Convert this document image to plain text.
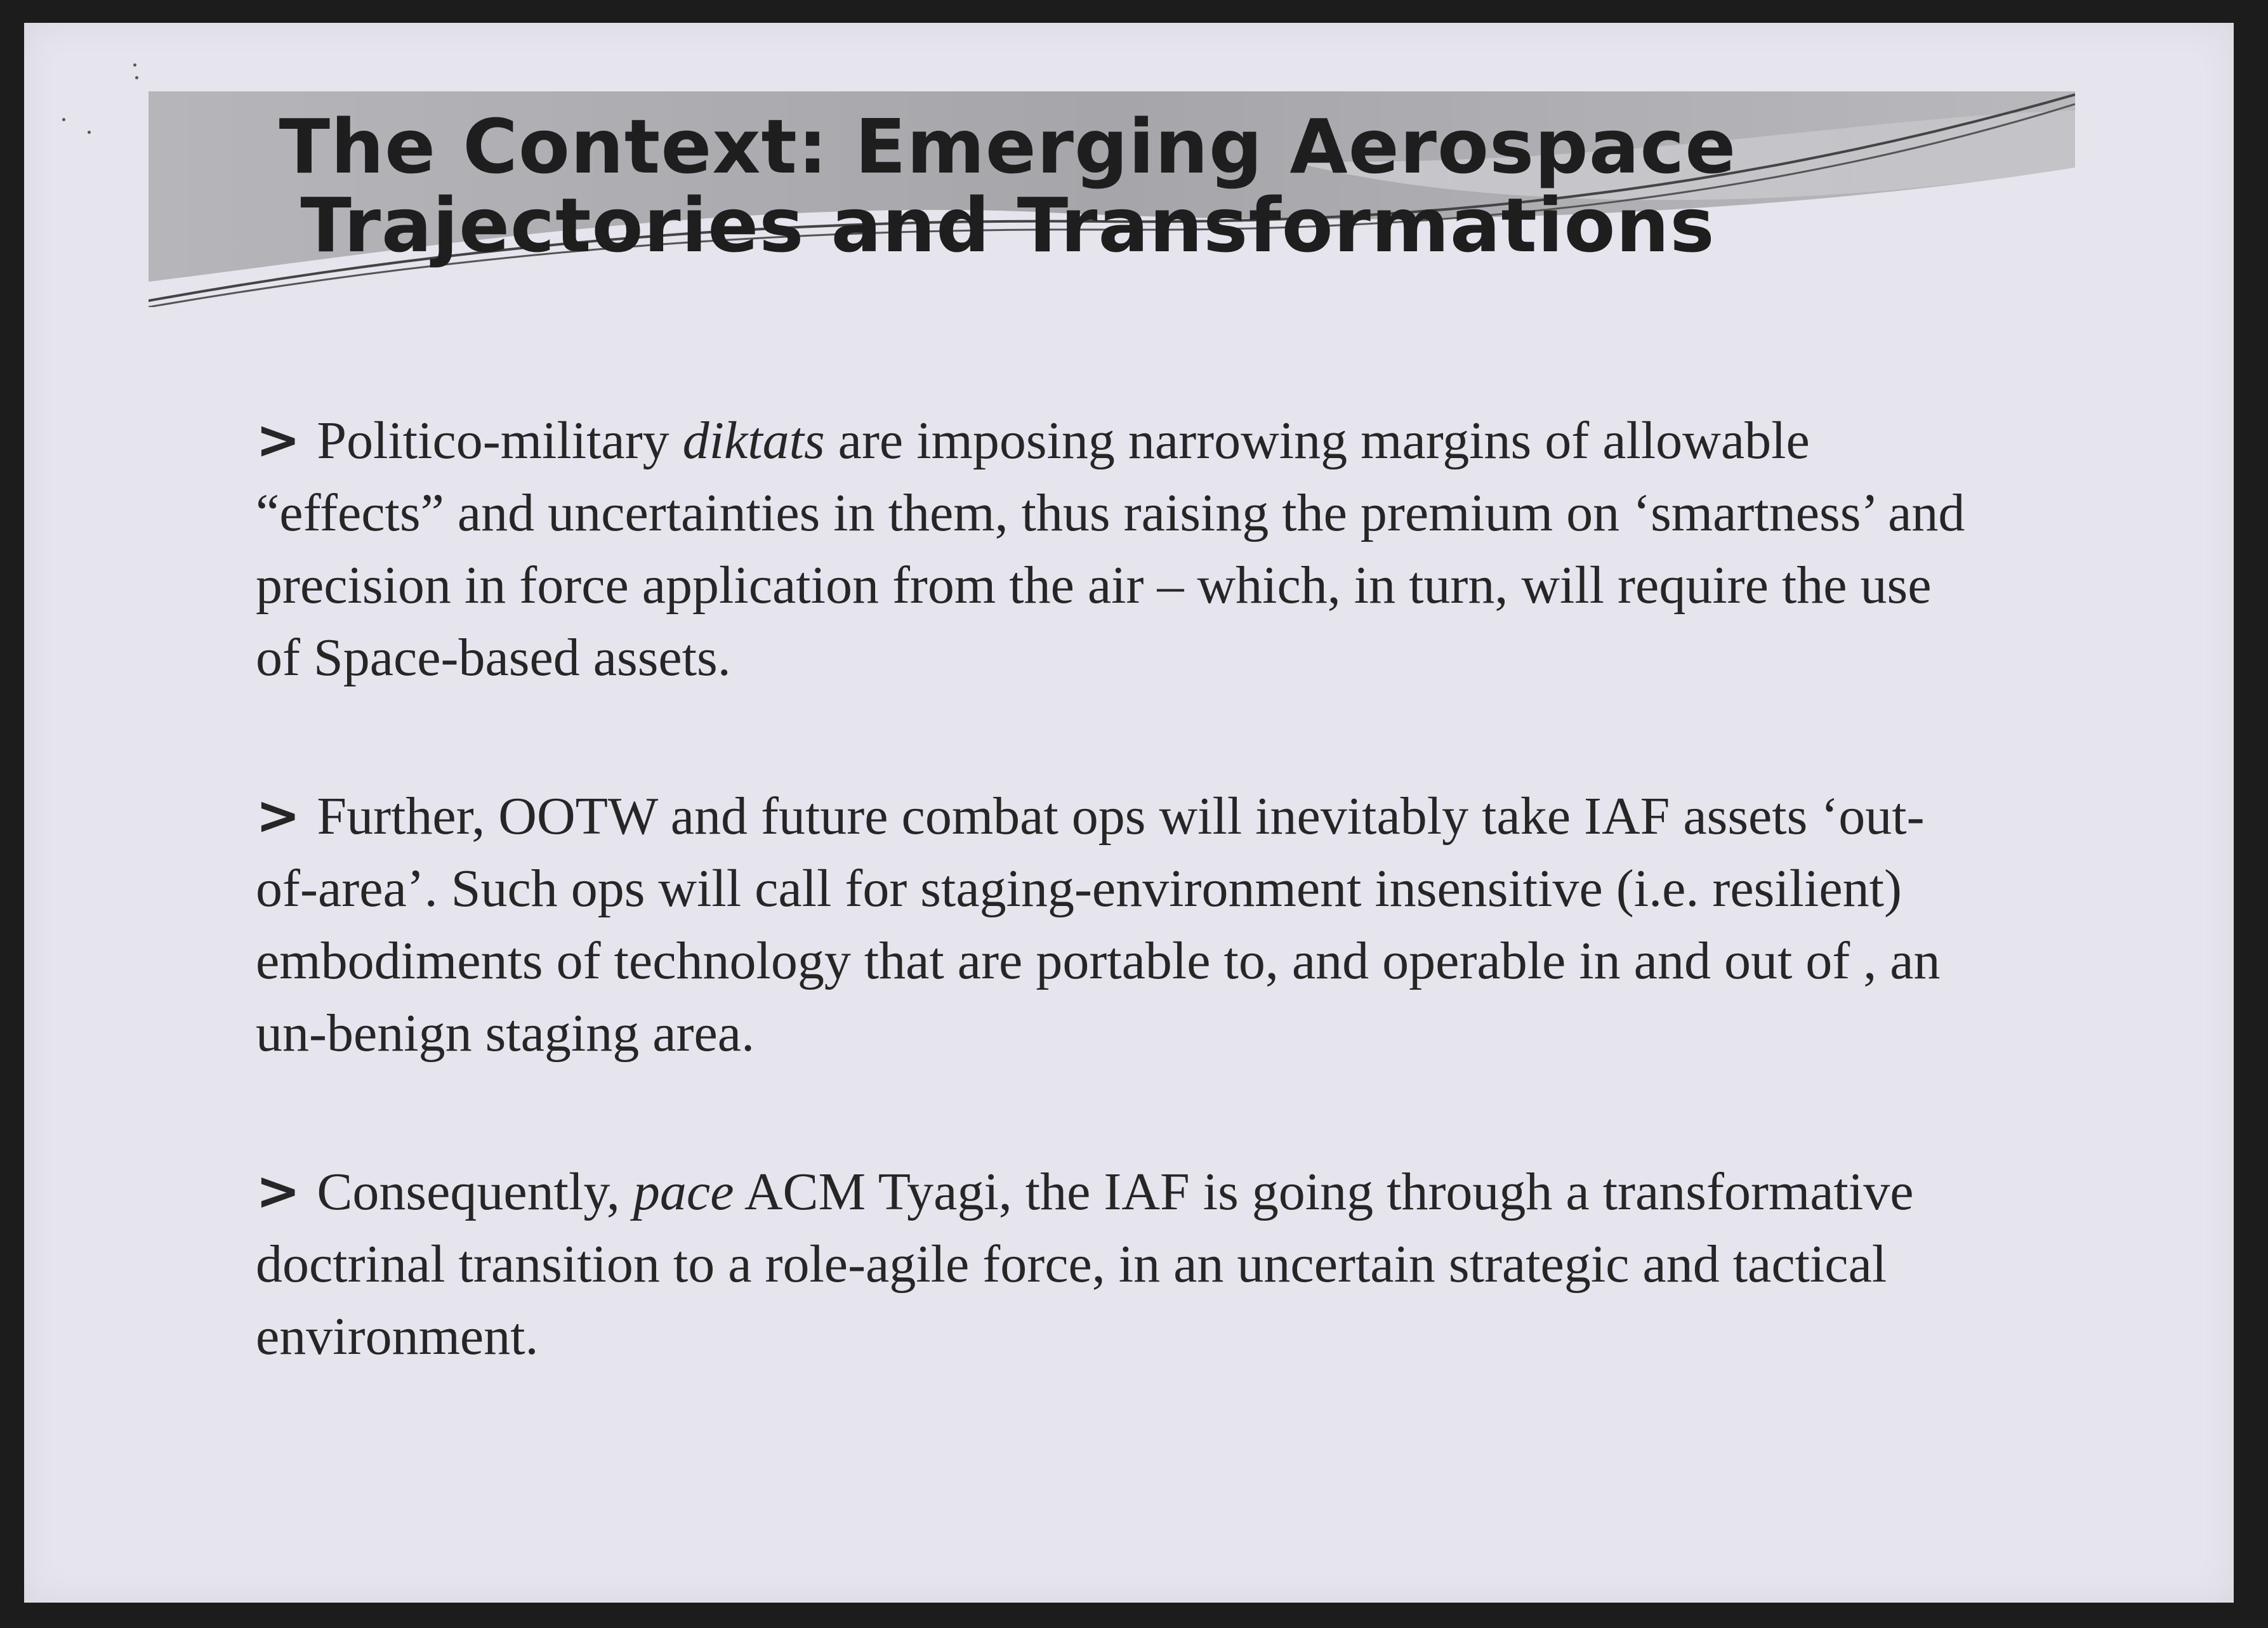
The Context: Emerging Aerospace
Trajectories and Transformations

> Politico-military diktats are imposing narrowing margins of allowable “effects” and uncertainties in them, thus raising the premium on ‘smartness’ and precision in force application from the air – which, in turn, will require the use of Space-based assets.

> Further, OOTW and future combat ops will inevitably take IAF assets ‘out-of-area’. Such ops will call for staging-environment insensitive (i.e. resilient) embodiments of technology that are portable to, and operable in and out of , an un-benign staging area.

> Consequently, pace ACM Tyagi, the IAF is going through a transformative doctrinal transition to a role-agile force, in an uncertain strategic and tactical environment.
